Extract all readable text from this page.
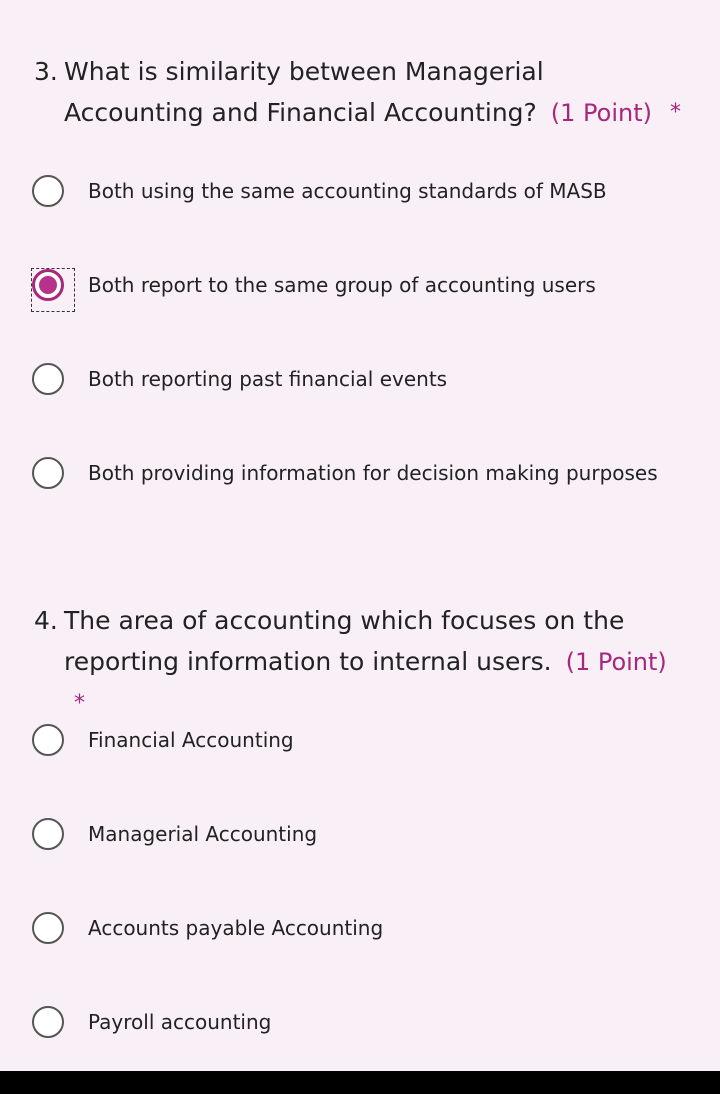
3. What is similarity between Managerial Accounting and Financial Accounting? (1 Point) *
Both using the same accounting standards of MASB
Both report to the same group of accounting users
Both reporting past financial events
Both providing information for decision making purposes
4. The area of accounting which focuses on the reporting information to internal users. (1 Point) *
Financial Accounting
Managerial Accounting
Accounts payable Accounting
Payroll accounting
